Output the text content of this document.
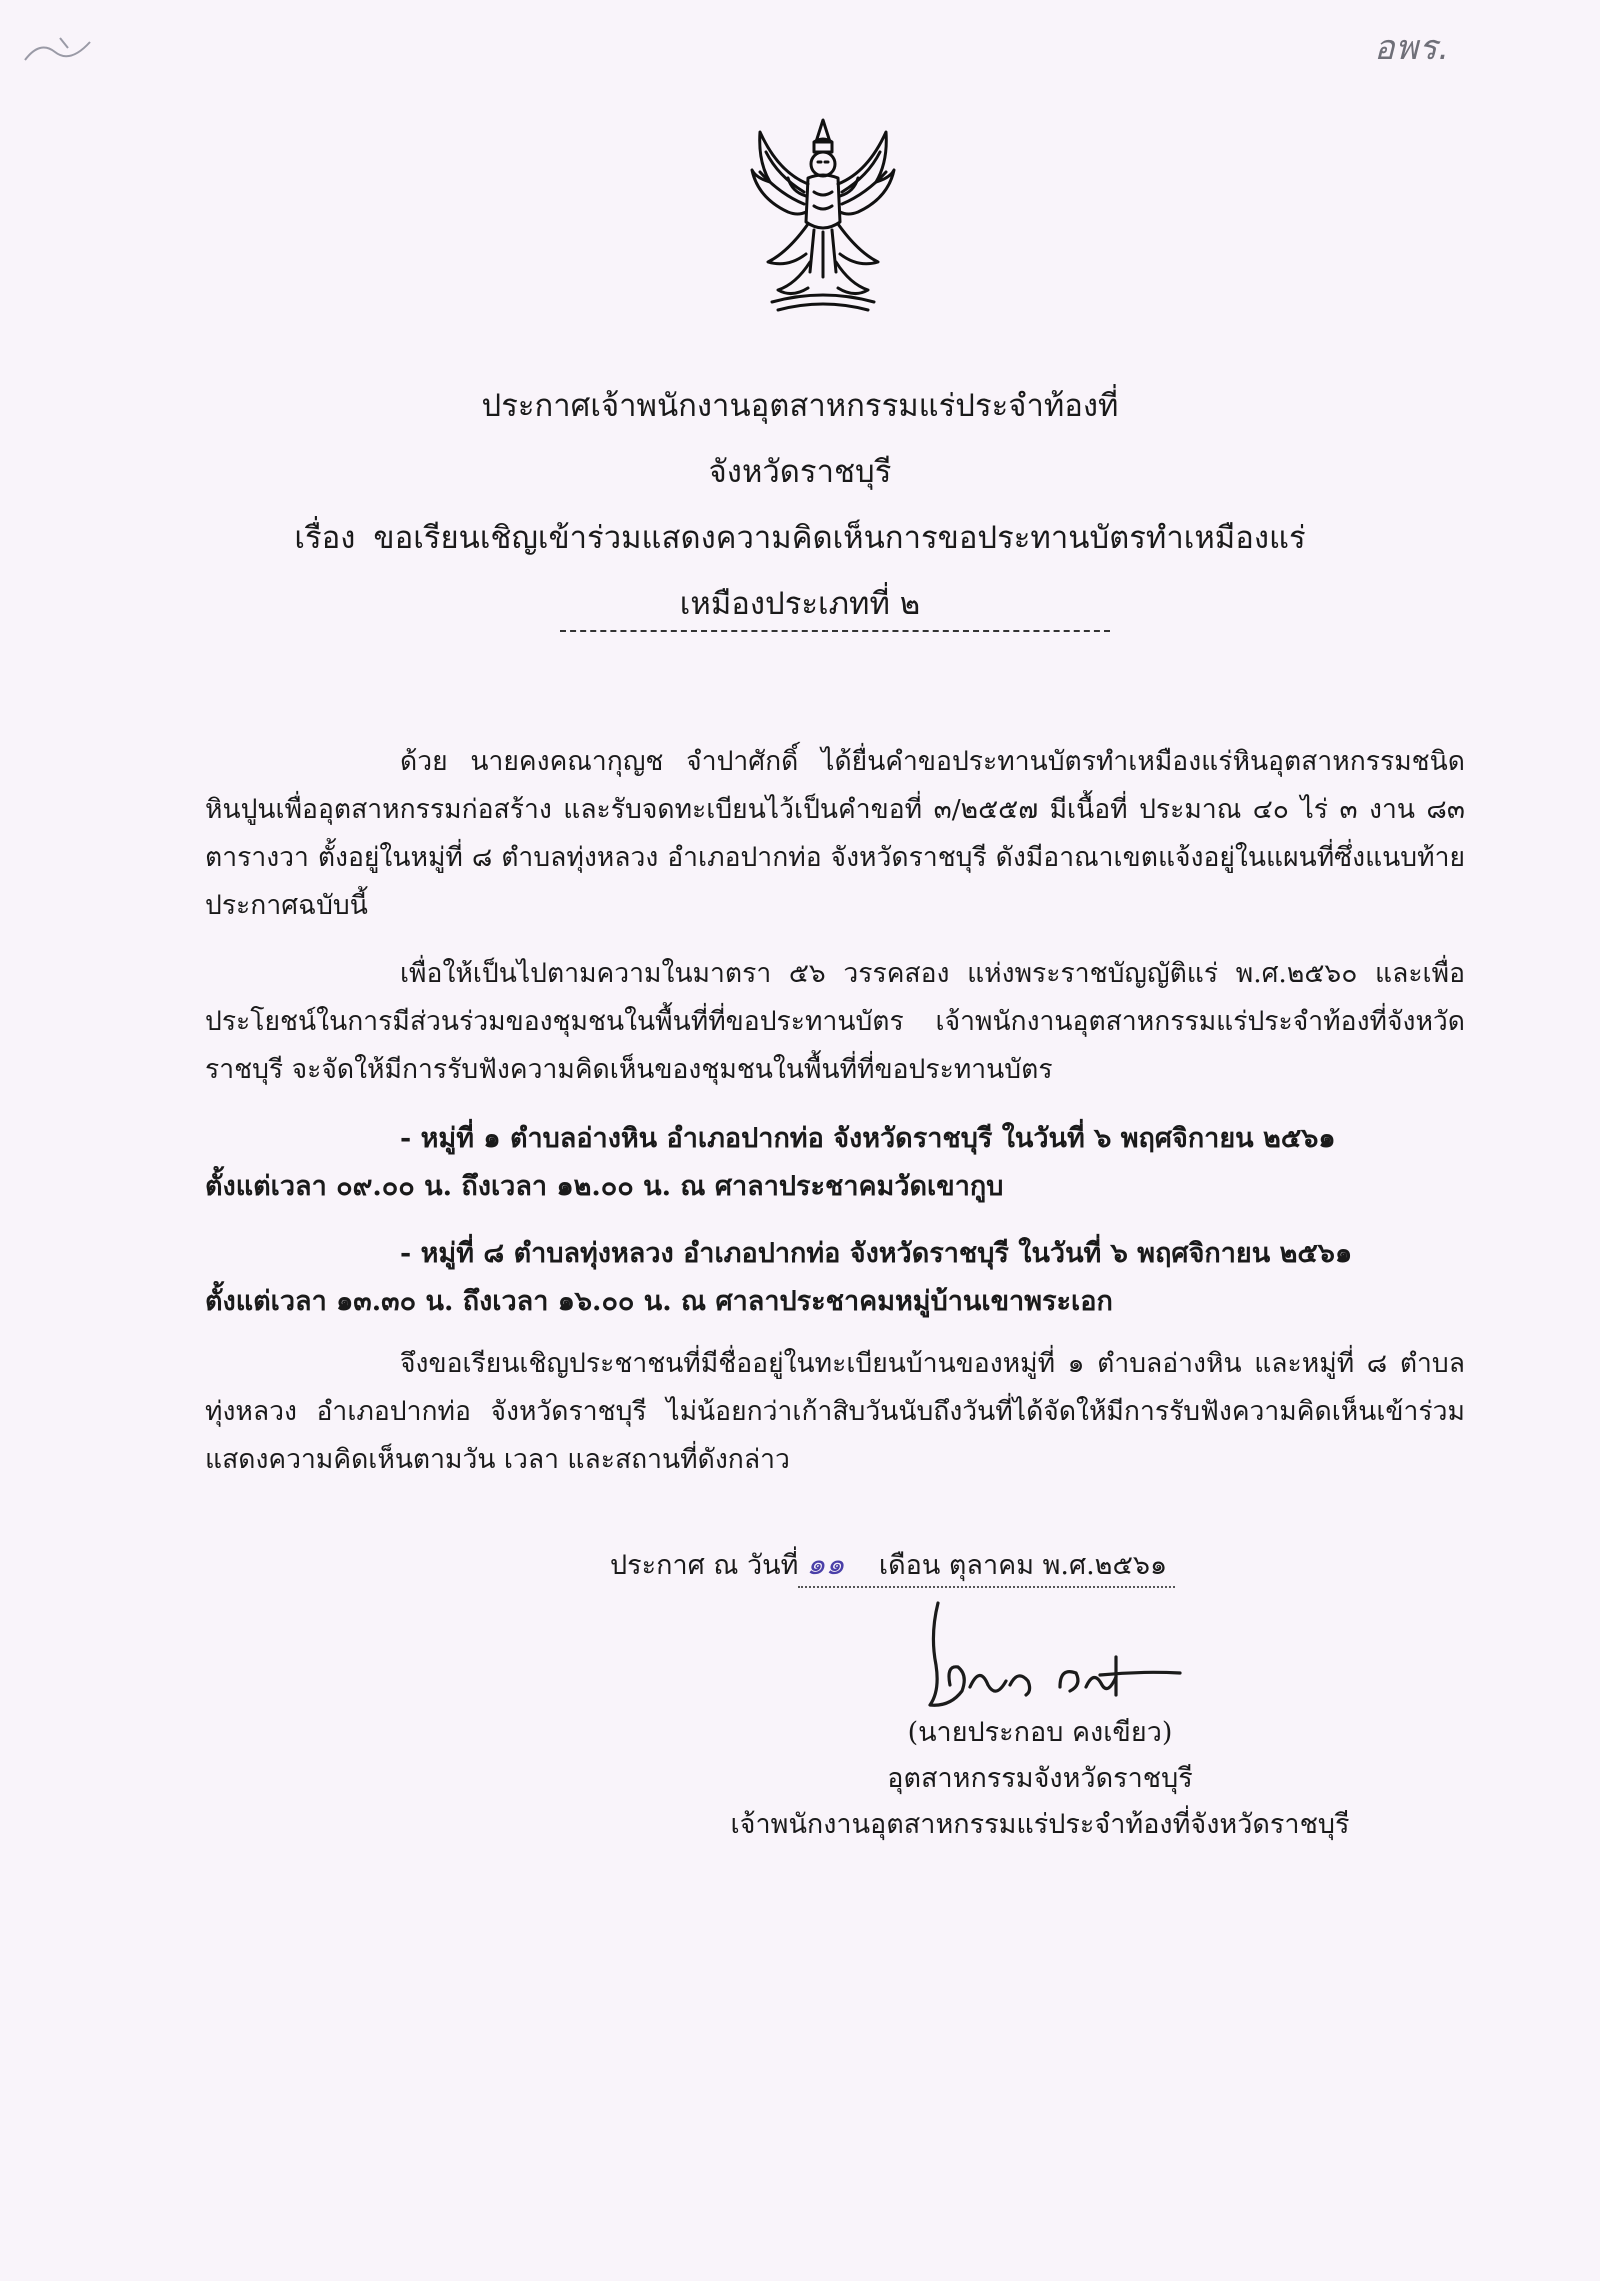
อพร.
ประกาศเจ้าพนักงานอุตสาหกรรมแร่ประจำท้องที่
จังหวัดราชบุรี
เรื่อง ขอเรียนเชิญเข้าร่วมแสดงความคิดเห็นการขอประทานบัตรทำเหมืองแร่
เหมืองประเภทที่ ๒
ด้วย นายคงคณากุญช จำปาศักดิ์ ได้ยื่นคำขอประทานบัตรทำเหมืองแร่หินอุตสาหกรรมชนิดหินปูนเพื่ออุตสาหกรรมก่อสร้าง และรับจดทะเบียนไว้เป็นคำขอที่ ๓/๒๕๕๗ มีเนื้อที่ ประมาณ ๔๐ ไร่ ๓ งาน ๘๓ ตารางวา ตั้งอยู่ในหมู่ที่ ๘ ตำบลทุ่งหลวง อำเภอปากท่อ จังหวัดราชบุรี ดังมีอาณาเขตแจ้งอยู่ในแผนที่ซึ่งแนบท้ายประกาศฉบับนี้
เพื่อให้เป็นไปตามความในมาตรา ๕๖ วรรคสอง แห่งพระราชบัญญัติแร่ พ.ศ.๒๕๖๐ และเพื่อประโยชน์ในการมีส่วนร่วมของชุมชนในพื้นที่ที่ขอประทานบัตร เจ้าพนักงานอุตสาหกรรมแร่ประจำท้องที่จังหวัดราชบุรี จะจัดให้มีการรับฟังความคิดเห็นของชุมชนในพื้นที่ที่ขอประทานบัตร
- หมู่ที่ ๑ ตำบลอ่างหิน อำเภอปากท่อ จังหวัดราชบุรี ในวันที่ ๖ พฤศจิกายน ๒๕๖๑
ตั้งแต่เวลา ๐๙.๐๐ น. ถึงเวลา ๑๒.๐๐ น. ณ ศาลาประชาคมวัดเขากูบ
- หมู่ที่ ๘ ตำบลทุ่งหลวง อำเภอปากท่อ จังหวัดราชบุรี ในวันที่ ๖ พฤศจิกายน ๒๕๖๑
ตั้งแต่เวลา ๑๓.๓๐ น. ถึงเวลา ๑๖.๐๐ น. ณ ศาลาประชาคมหมู่บ้านเขาพระเอก
จึงขอเรียนเชิญประชาชนที่มีชื่ออยู่ในทะเบียนบ้านของหมู่ที่ ๑ ตำบลอ่างหิน และหมู่ที่ ๘ ตำบลทุ่งหลวง อำเภอปากท่อ จังหวัดราชบุรี ไม่น้อยกว่าเก้าสิบวันนับถึงวันที่ได้จัดให้มีการรับฟังความคิดเห็นเข้าร่วมแสดงความคิดเห็นตามวัน เวลา และสถานที่ดังกล่าว
ประกาศ ณ วันที่ ๑๑ เดือน ตุลาคม พ.ศ.๒๕๖๑
(นายประกอบ คงเขียว)
อุตสาหกรรมจังหวัดราชบุรี
เจ้าพนักงานอุตสาหกรรมแร่ประจำท้องที่จังหวัดราชบุรี
